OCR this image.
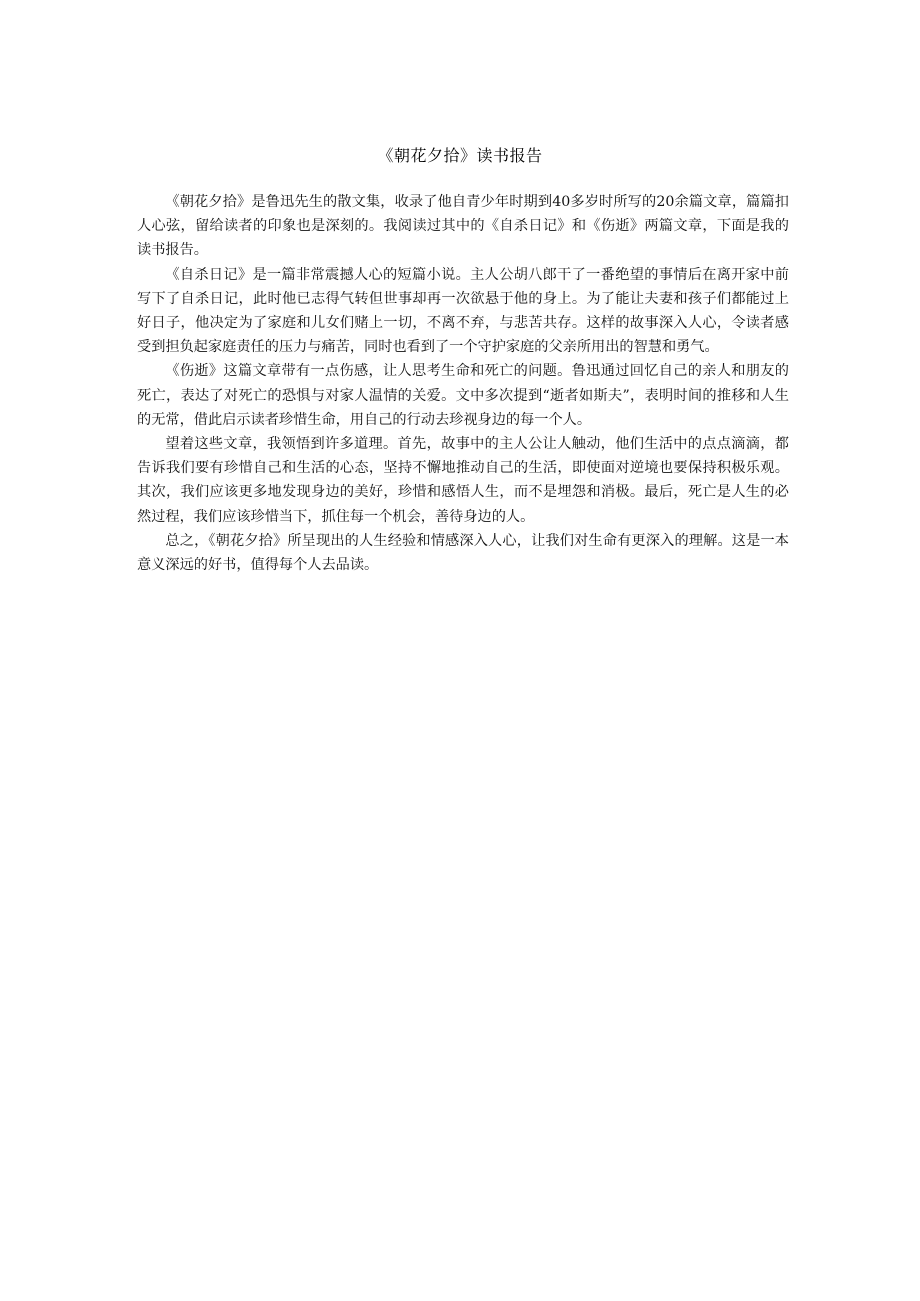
《朝花夕拾》读书报告

《朝花夕拾》是鲁迅先生的散文集，收录了他自青少年时期到40多岁时所写的20余篇文章，篇篇扣人心弦，留给读者的印象也是深刻的。我阅读过其中的《自杀日记》和《伤逝》两篇文章，下面是我的读书报告。

《自杀日记》是一篇非常震撼人心的短篇小说。主人公胡八郎干了一番绝望的事情后在离开家中前写下了自杀日记，此时他已志得气转但世事却再一次欲悬于他的身上。为了能让夫妻和孩子们都能过上好日子，他决定为了家庭和儿女们赌上一切，不离不弃，与悲苦共存。这样的故事深入人心，令读者感受到担负起家庭责任的压力与痛苦，同时也看到了一个守护家庭的父亲所用出的智慧和勇气。

《伤逝》这篇文章带有一点伤感，让人思考生命和死亡的问题。鲁迅通过回忆自己的亲人和朋友的死亡，表达了对死亡的恐惧与对家人温情的关爱。文中多次提到“逝者如斯夫”，表明时间的推移和人生的无常，借此启示读者珍惜生命，用自己的行动去珍视身边的每一个人。

望着这些文章，我领悟到许多道理。首先，故事中的主人公让人触动，他们生活中的点点滴滴，都告诉我们要有珍惜自己和生活的心态，坚持不懈地推动自己的生活，即使面对逆境也要保持积极乐观。其次，我们应该更多地发现身边的美好，珍惜和感悟人生，而不是埋怨和消极。最后，死亡是人生的必然过程，我们应该珍惜当下，抓住每一个机会，善待身边的人。

总之，《朝花夕拾》所呈现出的人生经验和情感深入人心，让我们对生命有更深入的理解。这是一本意义深远的好书，值得每个人去品读。
